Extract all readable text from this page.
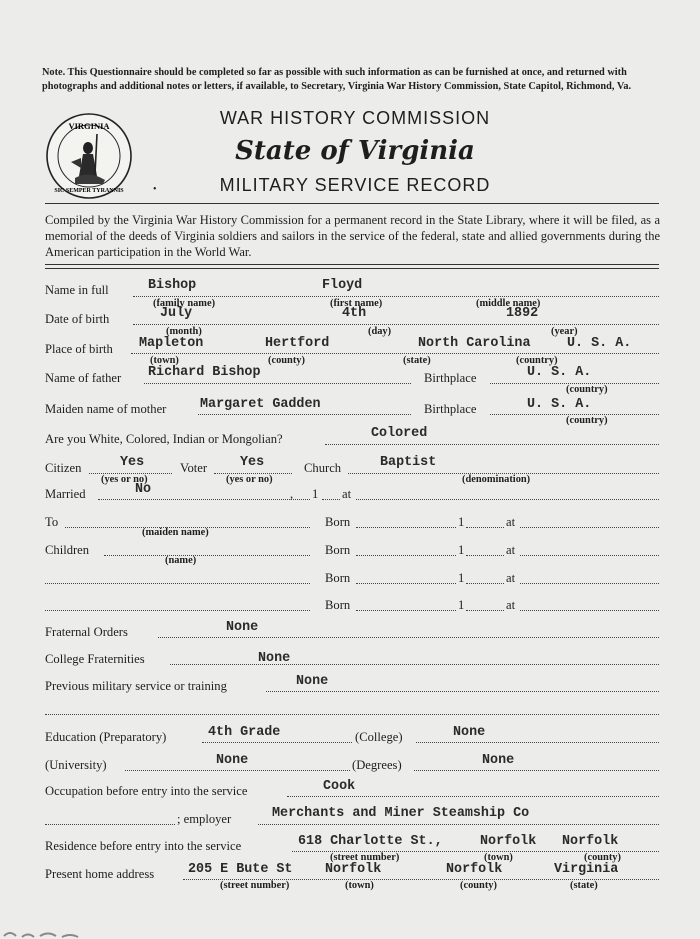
Note. This Questionnaire should be completed so far as possible with such information as can be furnished at once, and returned with photographs and additional notes or letters, if available, to Secretary, Virginia War History Commission, State Capitol, Richmond, Va.
VIRGINIA
SIC SEMPER TYRANNIS
WAR HISTORY COMMISSION
State of Virginia
MILITARY SERVICE RECORD
•
Compiled by the Virginia War History Commission for a permanent record in the State Library, where it will be filed, as a memorial of the deeds of Virginia soldiers and sailors in the service of the federal, state and allied governments during the American participation in the World War.
Name in full	Bishop	Floyd
(family name)	(first name)	(middle name)
Date of birth	July	4th	1892
(month)	(day)	(year)
Place of birth Mapleton	Hertford	North Carolina	U. S. A.
(town)	(county)	(state)	(country)
Name of father Richard Bishop	Birthplace	U. S. A.
(country)
Maiden name of mother	Margaret Gadden	Birthplace	U. S. A.
(country)
Are you White, Colored, Indian or Mongolian?	Colored
Citizen	Yes	Voter Yes	Church	Baptist
(yes or no)	(yes or no)	(denomination)
Married	No	, 1 at
To	Born	1	at
(maiden name)
Children	Born	1	at
(name)
Born	1	at
Born	1	at
Fraternal Orders	None
College Fraternities	None
Previous military service or training	None
Education (Preparatory)	4th Grade	(College)	None
(University)	None	(Degrees)	None
Occupation before entry into the service	Cook
; employer	Merchants and Miner Steamship Co
Residence before entry into the service	618 Charlotte St.,	Norfolk Norfolk
(street number)	(town)	(county)
Present home address	205 E Bute St Norfolk	Norfolk	Virginia
(street number)	(town)	(county)	(state)
